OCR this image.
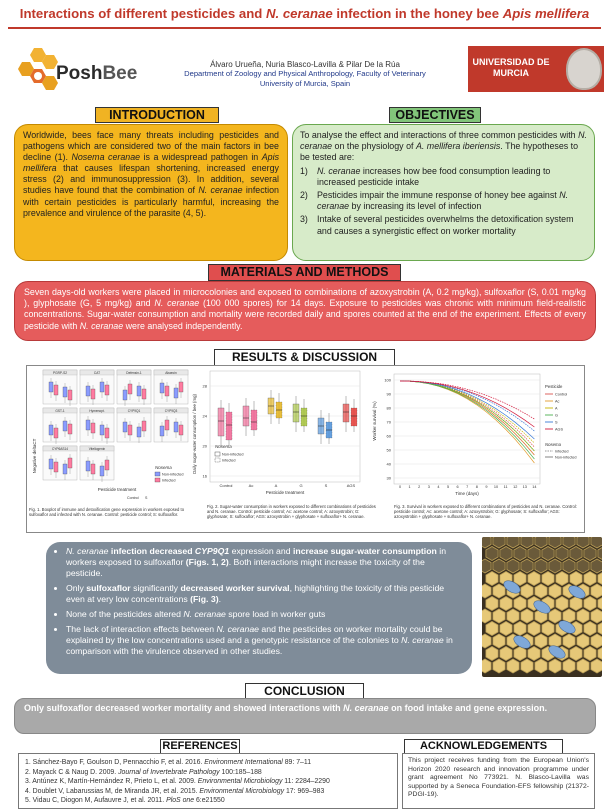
Interactions of different pesticides and N. ceranae infection in the honey bee Apis mellifera
PoshBee	Álvaro Urueña, Nuria Blasco-Lavilla & Pilar De la Rúa
Department of Zoology and Physical Anthropology, Faculty of Veterinary
University of Murcia, Spain
UNIVERSIDAD DE
MURCIA
INTRODUCTION
Worldwide, bees face many threats including pesticides and pathogens which are considered two of the main factors in bee decline (1). Nosema ceranae is a widespread pathogen in Apis mellifera that causes lifespan shortening, increased energy stress (2) and immunosuppression (3). In addition, several studies have found that the combination of N. ceranae infection with certain pesticides is particularly harmful, increasing the prevalence and virulence of the parasite (4, 5).
OBJECTIVES
To analyse the effect and interactions of three common pesticides with N. ceranae on the physiology of A. mellifera iberiensis. The hypotheses to be tested are:
1)	N. ceranae increases how bee food consumption leading to increased pesticide intake
2)	Pesticides impair the immune response of honey bee against N. ceranae by increasing its level of infection
3)	Intake of several pesticides overwhelms the detoxification system and causes a synergistic effect on worker mortality
MATERIALS AND METHODS
Seven days-old workers were placed in microcolonies and exposed to combinations of azoxystrobin (A, 0.2 mg/kg), sulfoxaflor (S, 0.01 mg/kg ), glyphosate (G, 5 mg/kg) and N. ceranae (100 000 spores) for 14 days. Exposure to pesticides was chronic with minimum field-realistic concentrations. Sugar-water consumption and mortality were recorded daily and spores counted at the end of the experiment. Effects of every pesticide with N. ceranae were analysed independently.
RESULTS & DISCUSSION
Negative deltaCT
PGRP-S2	CAT	Defensin-1	Abaecin
GST-1	Hymenopt.	CYP9Q1	CYP9Q3
CYP6AS14	Vitellogenin
Pesticide treatment
Nosema
Non-infected
Infected
Fig. 1. Boxplot of immune and detoxification gene expression in workers exposed to sulfoxaflor and infected with N. ceranae. Control: pesticide control; S: sulfoxaflor.
Control S
Daily sugar-water consumption / bee (mg)
Control	Ac	A	G	S	AGS
16
20
24
28
Nosema
Non-infected
Infected
Pesticide treatment
Fig. 2. Sugar-water consumption in workers exposed to different combinations of pesticides and N. ceranae. Control: pesticide control; Ac: acetone control; A: azoxystrobin; G: glyphosate; S: sulfoxaflor; AGS: azoxystrobin + glyphosate + sulfoxaflor+ N. ceranae.
Worker survival (%)
0 1 2 3 4 5 6 7 8 9 10 11 12 13 14
100
90
80
70
60
50
40
30
Time (days)
Pesticide
Control
Ac
A
G
S
AGS
Nosema
Infected
Non-infected
Fig. 3. Survival in workers exposed to different combinations of pesticides and N. ceranae. Control: pesticide control; Ac: acetone control; A: azoxystrobin; G: glyphosate; S: sulfoxaflor; AGS: azoxystrobin + glyphosate + sulfoxaflor+ N. ceranae.
• N. ceranae infection decreased CYP9Q1 expression and increase sugar-water consumption in workers exposed to sulfoxaflor (Figs. 1, 2). Both interactions might increase the toxicity of the pesticide.
• Only sulfoxaflor significantly decreased worker survival, highlighting the toxicity of this pesticide even at very low concentrations (Fig. 3).
• None of the pesticides altered N. ceranae spore load in worker guts
• The lack of interaction effects between N. ceranae and the pesticides on worker mortality could be explained by the low concentrations used and a genotypic resistance of the colonies to N. ceranae in comparison with the virulence observed in other studies.
CONCLUSION
Only sulfoxaflor decreased worker mortality and showed interactions with N. ceranae on food intake and gene expression.
REFERENCES	ACKNOWLEDGEMENTS
1. Sánchez-Bayo F, Goulson D, Pennacchio F, et al. 2016. Environment International 89: 7–11
2. Mayack C & Naug D. 2009. Journal of Invertebrate Pathology 100:185–188
3. Antúnez K, Martín-Hernández R, Prieto L, et al. 2009. Environmental Microbiology 11: 2284–2290
4. Doublet V, Labarussias M, de Miranda JR, et al. 2015. Environmental Microbiology 17: 969–983
5. Vidau C, Diogon M, Aufauvre J, et al. 2011. PloS one 6:e21550
This project receives funding from the European Union's Horizon 2020 research and innovation programme under grant agreement No 773921. N. Blasco-Lavilla was supported by a Seneca Foundation-EFS fellowship (21372-PDGI-19).
